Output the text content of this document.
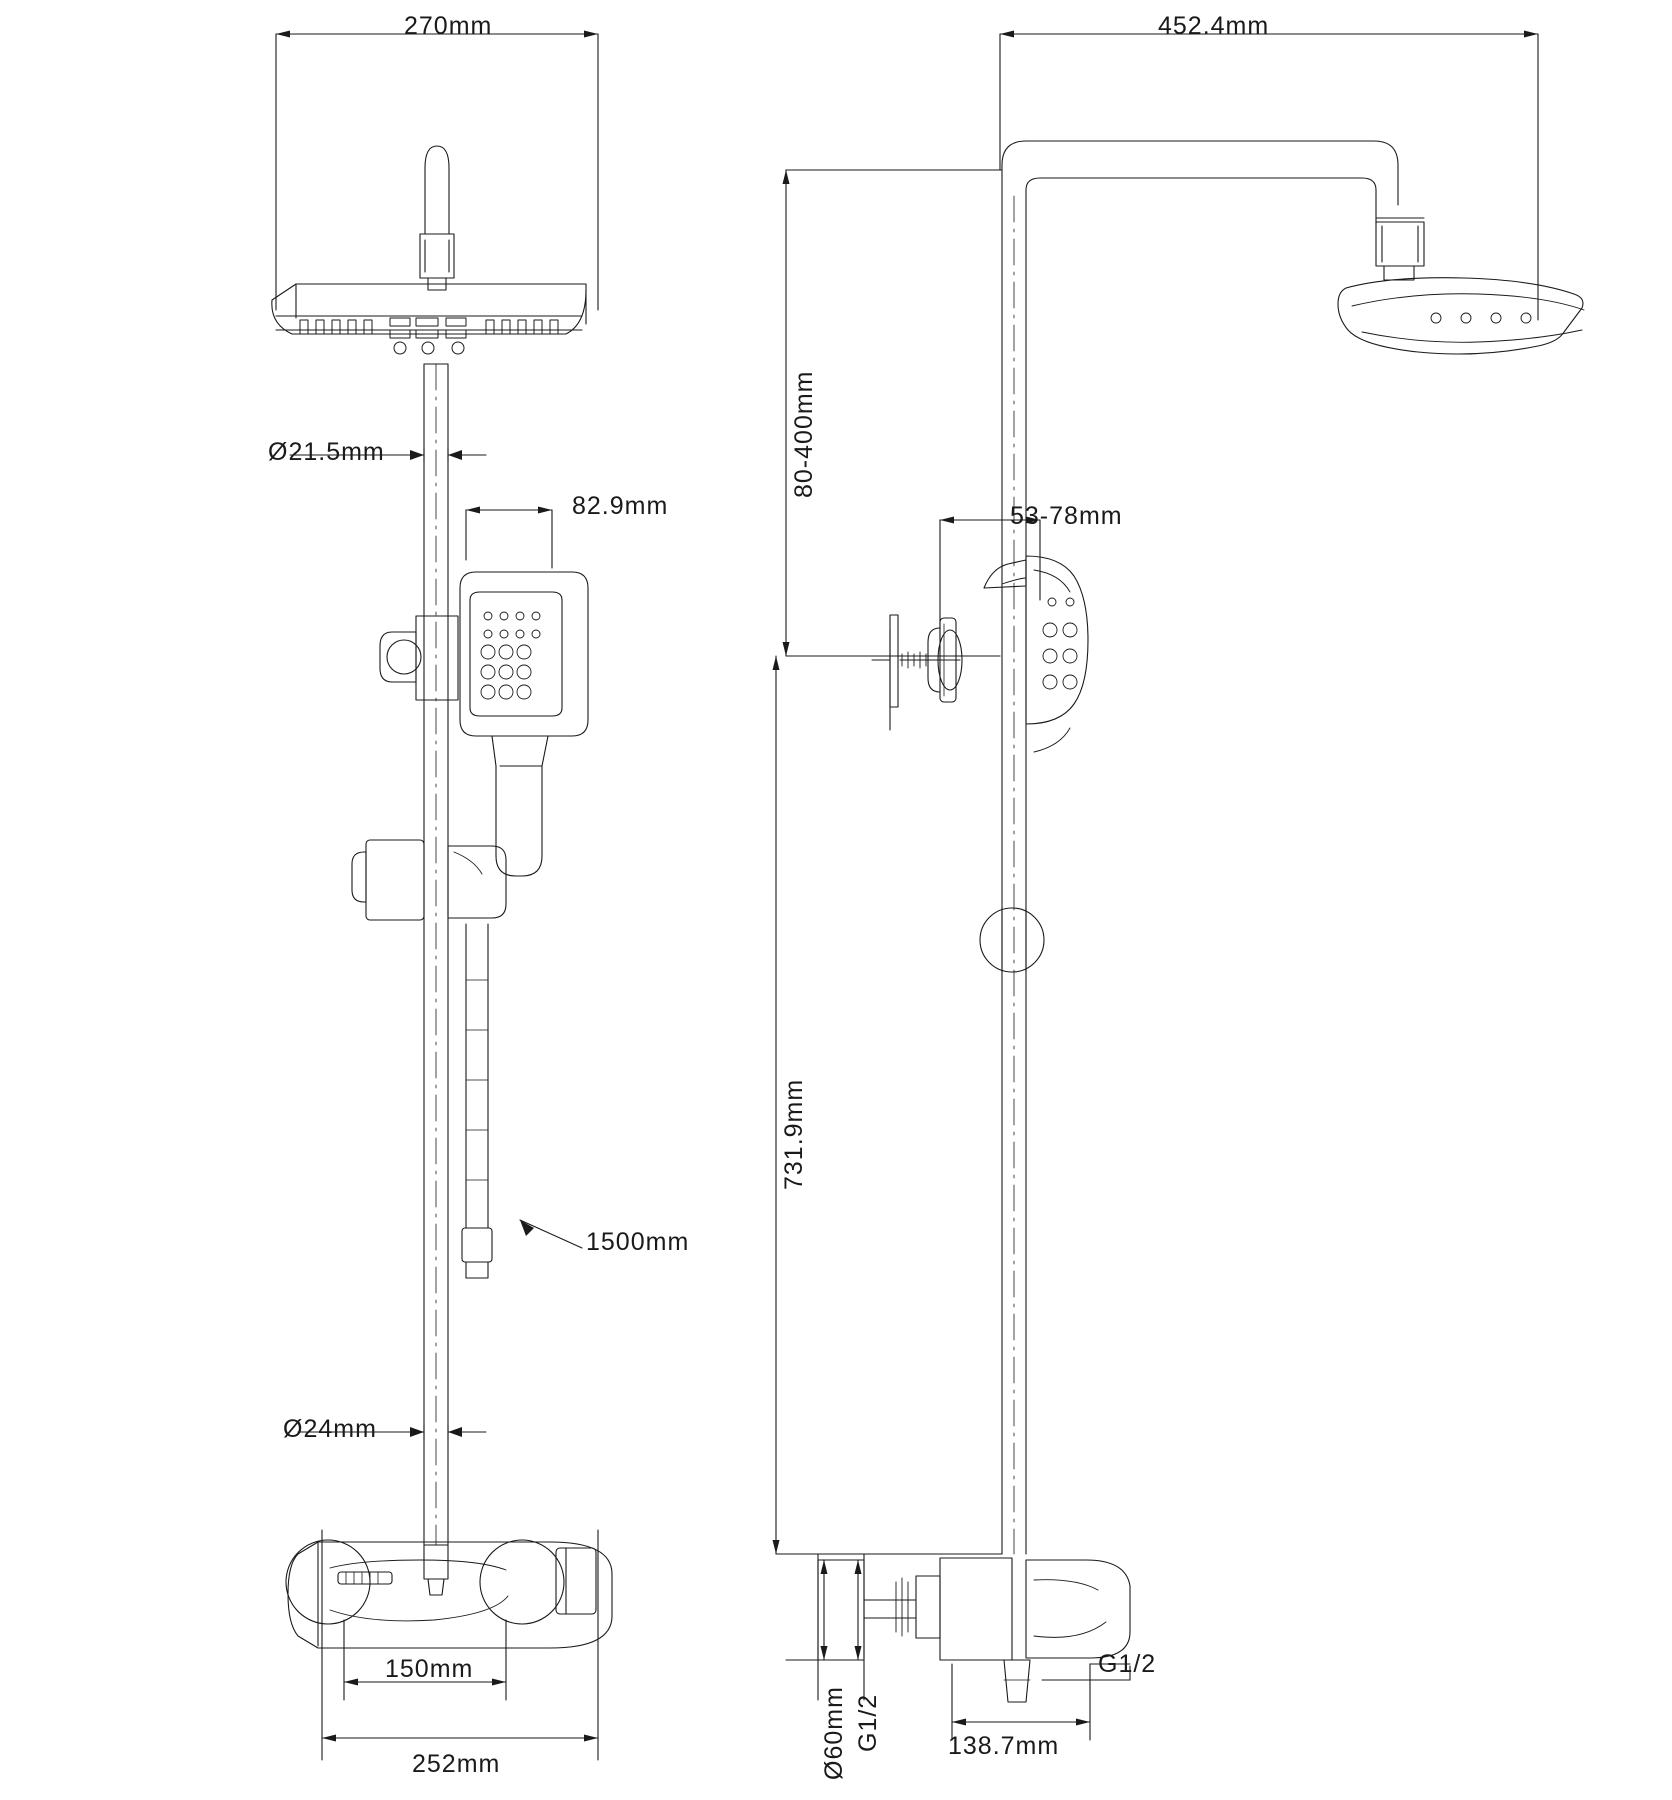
270mm
Ø21.5mm
82.9mm
1500mm
Ø24mm
150mm
252mm
452.4mm
80-400mm
53-78mm
731.9mm
Ø60mm G1/2	138.7mm
G1/2
